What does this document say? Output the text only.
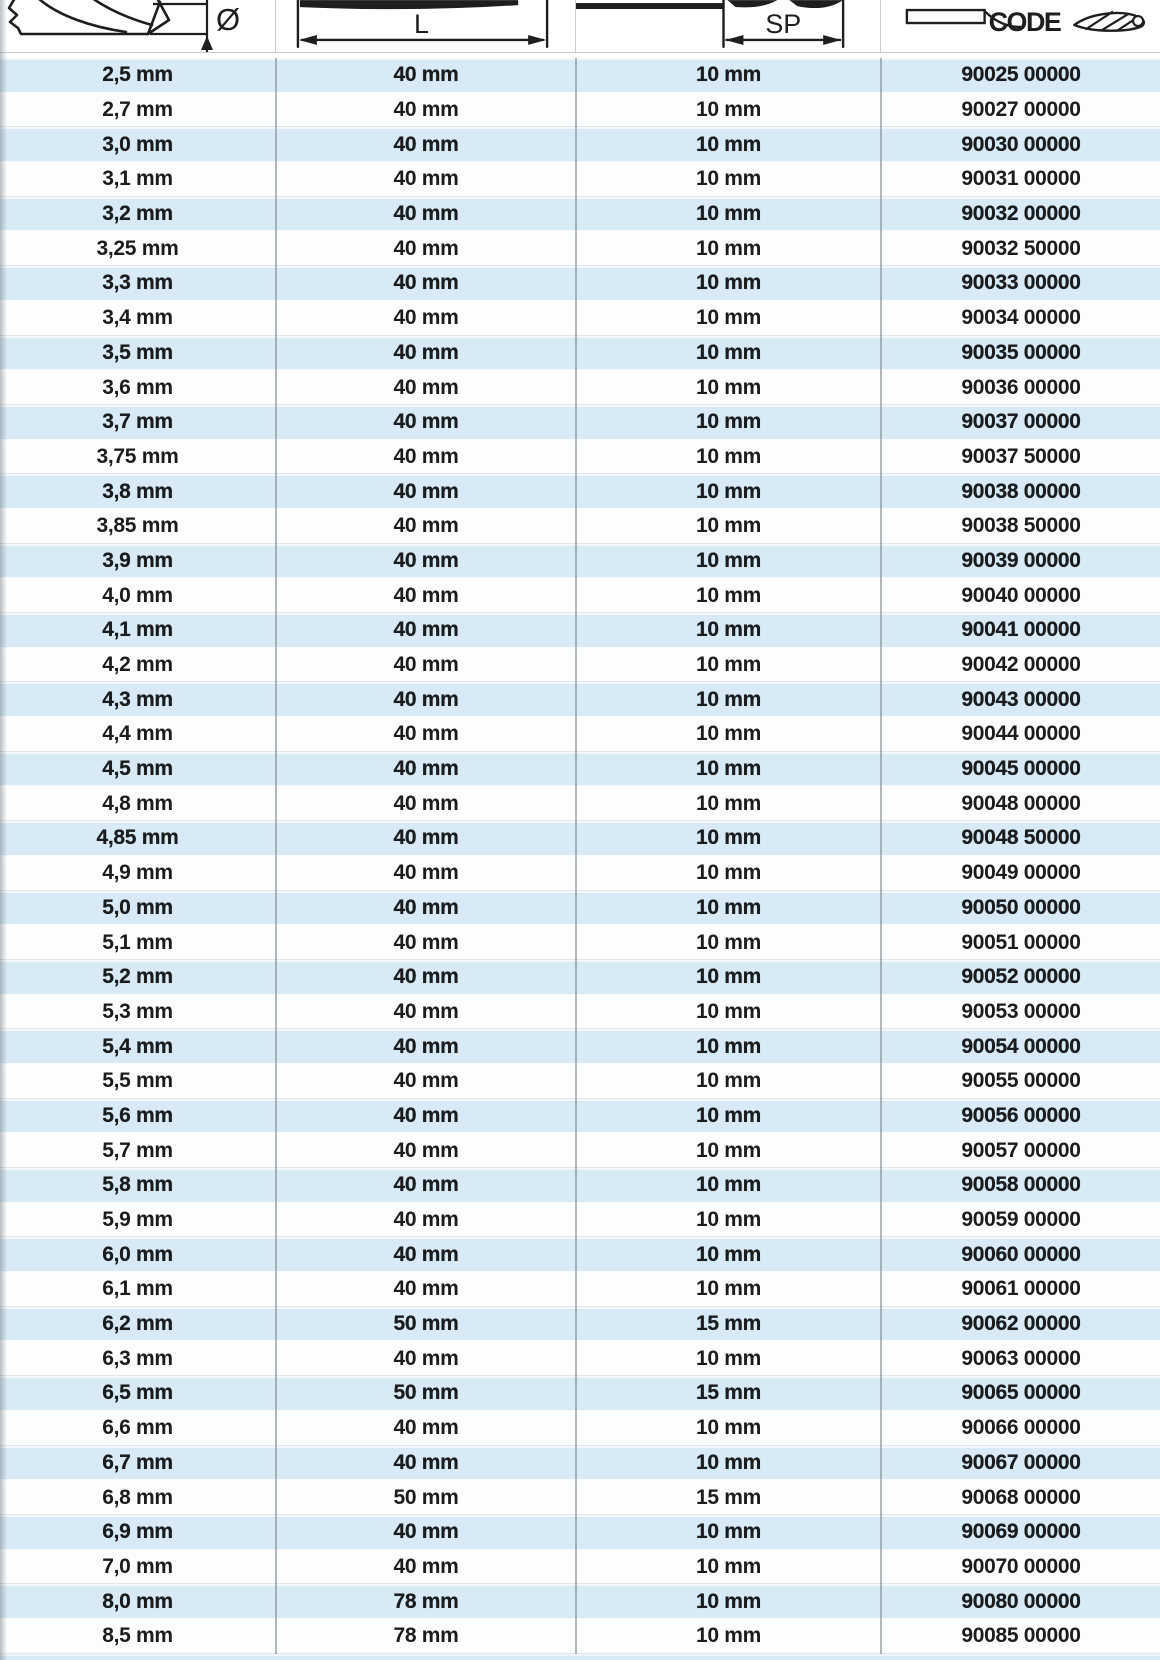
Ø	L	SP	CODE
2,5 mm	40 mm	10 mm	90025 00000
2,7 mm	40 mm	10 mm	90027 00000
3,0 mm	40 mm	10 mm	90030 00000
3,1 mm	40 mm	10 mm	90031 00000
3,2 mm	40 mm	10 mm	90032 00000
3,25 mm	40 mm	10 mm	90032 50000
3,3 mm	40 mm	10 mm	90033 00000
3,4 mm	40 mm	10 mm	90034 00000
3,5 mm	40 mm	10 mm	90035 00000
3,6 mm	40 mm	10 mm	90036 00000
3,7 mm	40 mm	10 mm	90037 00000
3,75 mm	40 mm	10 mm	90037 50000
3,8 mm	40 mm	10 mm	90038 00000
3,85 mm	40 mm	10 mm	90038 50000
3,9 mm	40 mm	10 mm	90039 00000
4,0 mm	40 mm	10 mm	90040 00000
4,1 mm	40 mm	10 mm	90041 00000
4,2 mm	40 mm	10 mm	90042 00000
4,3 mm	40 mm	10 mm	90043 00000
4,4 mm	40 mm	10 mm	90044 00000
4,5 mm	40 mm	10 mm	90045 00000
4,8 mm	40 mm	10 mm	90048 00000
4,85 mm	40 mm	10 mm	90048 50000
4,9 mm	40 mm	10 mm	90049 00000
5,0 mm	40 mm	10 mm	90050 00000
5,1 mm	40 mm	10 mm	90051 00000
5,2 mm	40 mm	10 mm	90052 00000
5,3 mm	40 mm	10 mm	90053 00000
5,4 mm	40 mm	10 mm	90054 00000
5,5 mm	40 mm	10 mm	90055 00000
5,6 mm	40 mm	10 mm	90056 00000
5,7 mm	40 mm	10 mm	90057 00000
5,8 mm	40 mm	10 mm	90058 00000
5,9 mm	40 mm	10 mm	90059 00000
6,0 mm	40 mm	10 mm	90060 00000
6,1 mm	40 mm	10 mm	90061 00000
6,2 mm	50 mm	15 mm	90062 00000
6,3 mm	40 mm	10 mm	90063 00000
6,5 mm	50 mm	15 mm	90065 00000
6,6 mm	40 mm	10 mm	90066 00000
6,7 mm	40 mm	10 mm	90067 00000
6,8 mm	50 mm	15 mm	90068 00000
6,9 mm	40 mm	10 mm	90069 00000
7,0 mm	40 mm	10 mm	90070 00000
8,0 mm	78 mm	10 mm	90080 00000
8,5 mm	78 mm	10 mm	90085 00000
